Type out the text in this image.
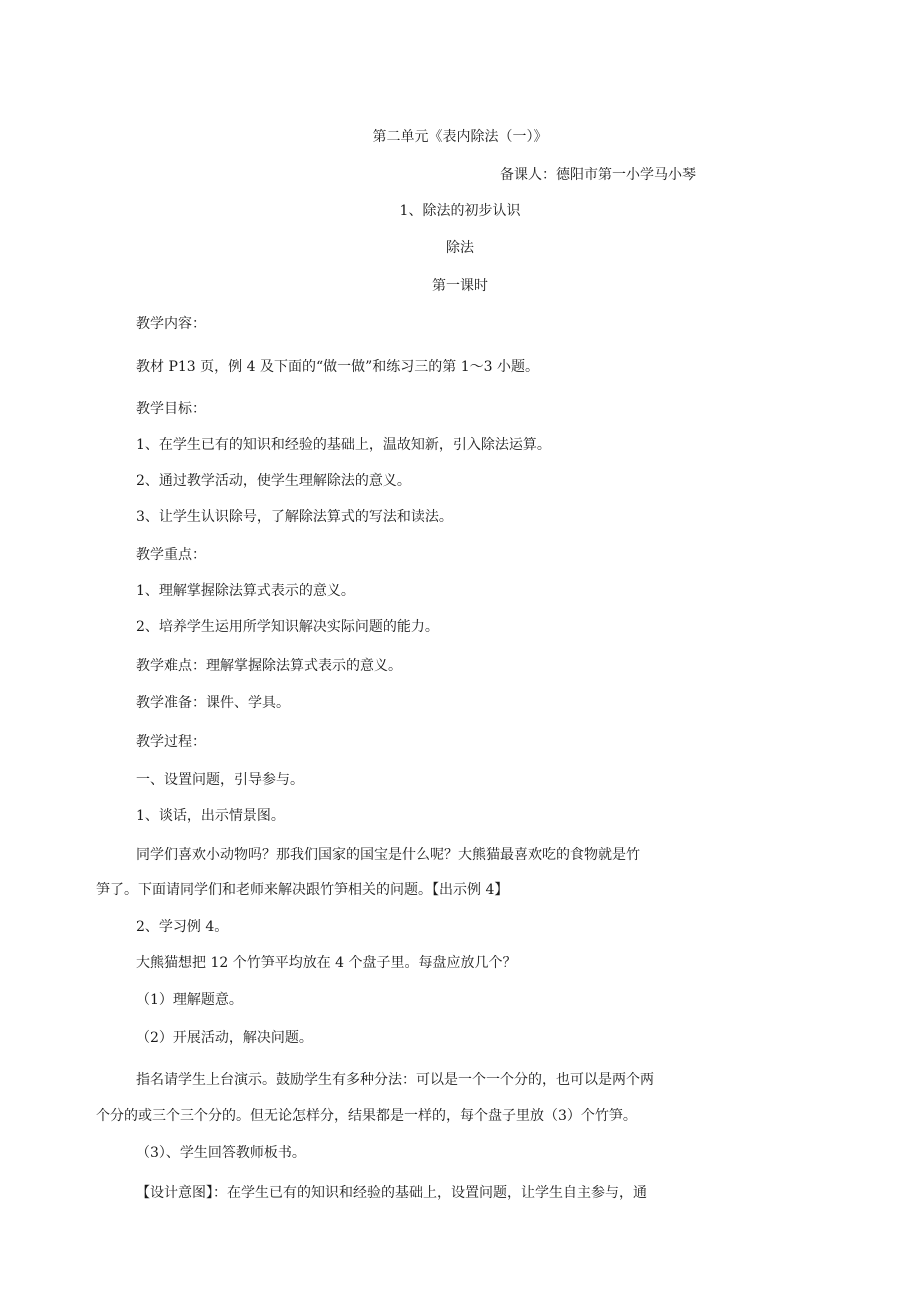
第二单元《表内除法（一）》
备课人：德阳市第一小学马小琴
1、除法的初步认识
除法
第一课时
教学内容：
教材 P13 页，例 4 及下面的“做一做”和练习三的第 1〜3 小题。
教学目标：
1、在学生已有的知识和经验的基础上，温故知新，引入除法运算。
2、通过教学活动，使学生理解除法的意义。
3、让学生认识除号，了解除法算式的写法和读法。
教学重点：
1、理解掌握除法算式表示的意义。
2、培养学生运用所学知识解决实际问题的能力。
教学难点：理解掌握除法算式表示的意义。
教学准备：课件、学具。
教学过程：
一、设置问题，引导参与。
1、谈话，出示情景图。
同学们喜欢小动物吗？那我们国家的国宝是什么呢？大熊猫最喜欢吃的食物就是竹
笋了。下面请同学们和老师来解决跟竹笋相关的问题。【出示例 4】
2、学习例 4。
大熊猫想把 12 个竹笋平均放在 4 个盘子里。每盘应放几个？
（1）理解题意。
（2）开展活动，解决问题。
指名请学生上台演示。鼓励学生有多种分法：可以是一个一个分的，也可以是两个两
个分的或三个三个分的。但无论怎样分，结果都是一样的，每个盘子里放（3）个竹笋。
（3）、学生回答教师板书。
【设计意图】：在学生已有的知识和经验的基础上，设置问题，让学生自主参与，通
